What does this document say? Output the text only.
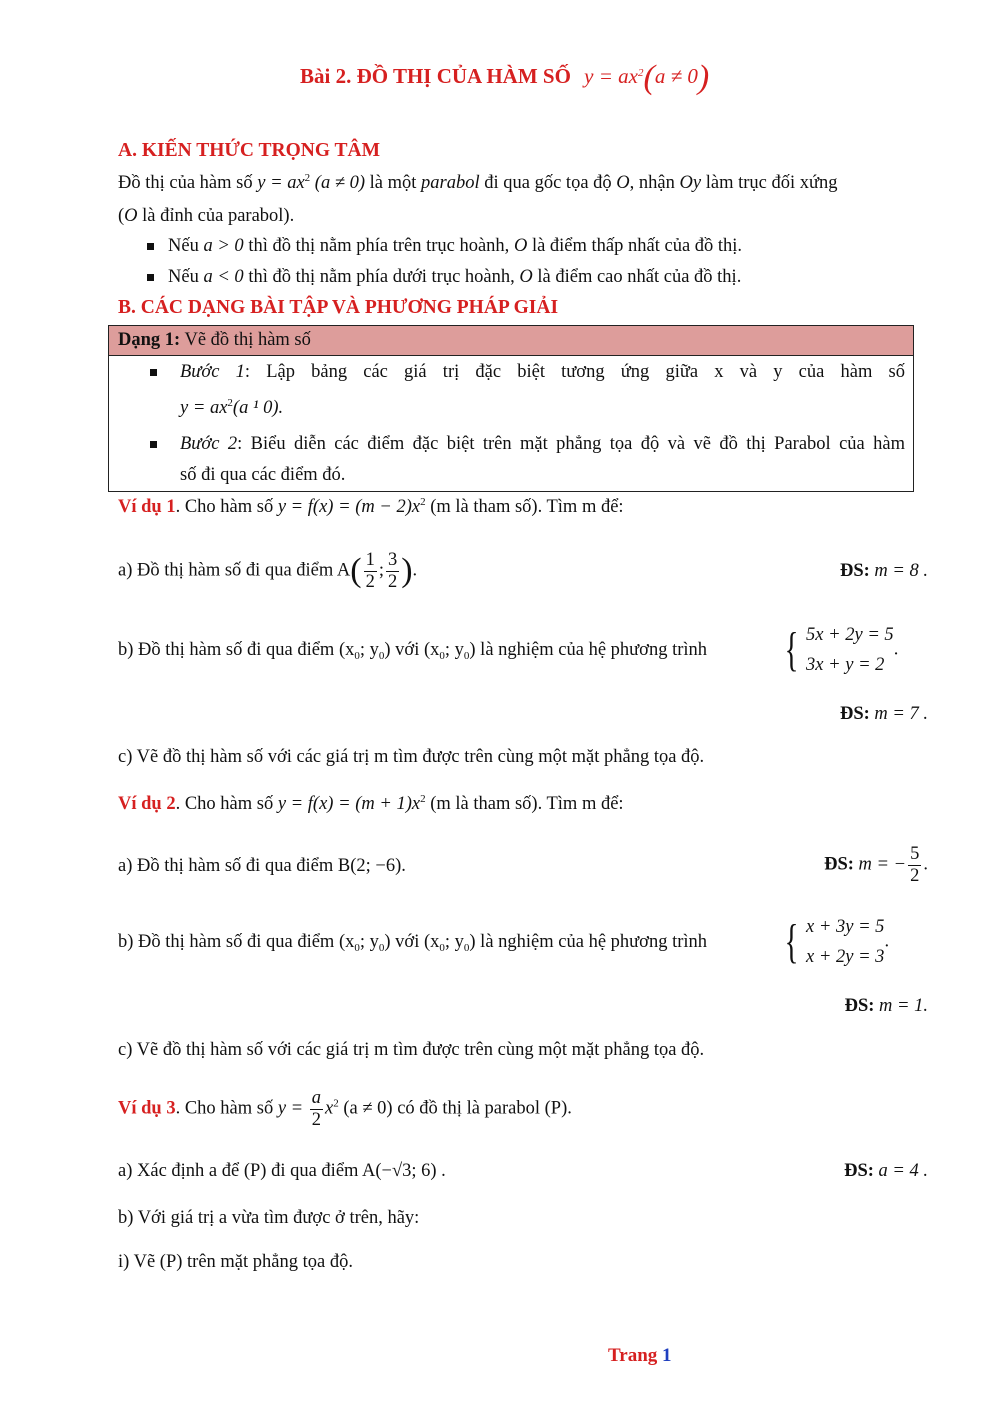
Bài 2. ĐỒ THỊ CỦA HÀM SỐ $y = ax^2(a \ne 0)$
A. KIẾN THỨC TRỌNG TÂM
Đồ thị của hàm số $y = ax^2$ (a ≠ 0) là một parabol đi qua gốc tọa độ O, nhận Oy làm trục đối xứng
(O là đỉnh của parabol).
Nếu a > 0 thì đồ thị nằm phía trên trục hoành, O là điểm thấp nhất của đồ thị.
Nếu a < 0 thì đồ thị nằm phía dưới trục hoành, O là điểm cao nhất của đồ thị.
B. CÁC DẠNG BÀI TẬP VÀ PHƯƠNG PHÁP GIẢI
Dạng 1: Vẽ đồ thị hàm số
Bước 1: Lập bảng các giá trị đặc biệt tương ứng giữa x và y của hàm số
$y = ax^2(a$ ¹ 0).
Bước 2: Biểu diễn các điểm đặc biệt trên mặt phẳng tọa độ và vẽ đồ thị Parabol của hàm
số đi qua các điểm đó.
Ví dụ 1. Cho hàm số $y = f(x) = (m - 2)x^2$ (m là tham số). Tìm m để:
a) Đồ thị hàm số đi qua điểm $A( \frac{1}{2}$ ; $\frac{3}{2}$ ).	ĐS: m = 8 .
b) Đồ thị hàm số đi qua điểm ($x_0$; $y_0$) với ($x_0$; $y_0$) là nghiệm của hệ phương trình { 5x + 2y = 5
3x + y = 2
.
ĐS: m = 7 .
c) Vẽ đồ thị hàm số với các giá trị m tìm được trên cùng một mặt phẳng tọa độ.
Ví dụ 2. Cho hàm số $y = f(x) = (m + 1)x^2$ (m là tham số). Tìm m để:
a) Đồ thị hàm số đi qua điểm B(2; −6).	ĐS: m = − $\frac{5}{2}$ .
b) Đồ thị hàm số đi qua điểm ($x_0$; $y_0$) với ($x_0$; $y_0$) là nghiệm của hệ phương trình { x + 3y = 5
x + 2y = 3
.
ĐS: m = 1.
c) Vẽ đồ thị hàm số với các giá trị m tìm được trên cùng một mặt phẳng tọa độ.
Ví dụ 3. Cho hàm số $y = \frac{a}{2} x^2$ (a ≠ 0) có đồ thị là parabol (P).
a) Xác định a để (P) đi qua điểm A(−√3; 6) .	ĐS: a = 4 .
b) Với giá trị a vừa tìm được ở trên, hãy:
i) Vẽ (P) trên mặt phẳng tọa độ.
Trang 1
